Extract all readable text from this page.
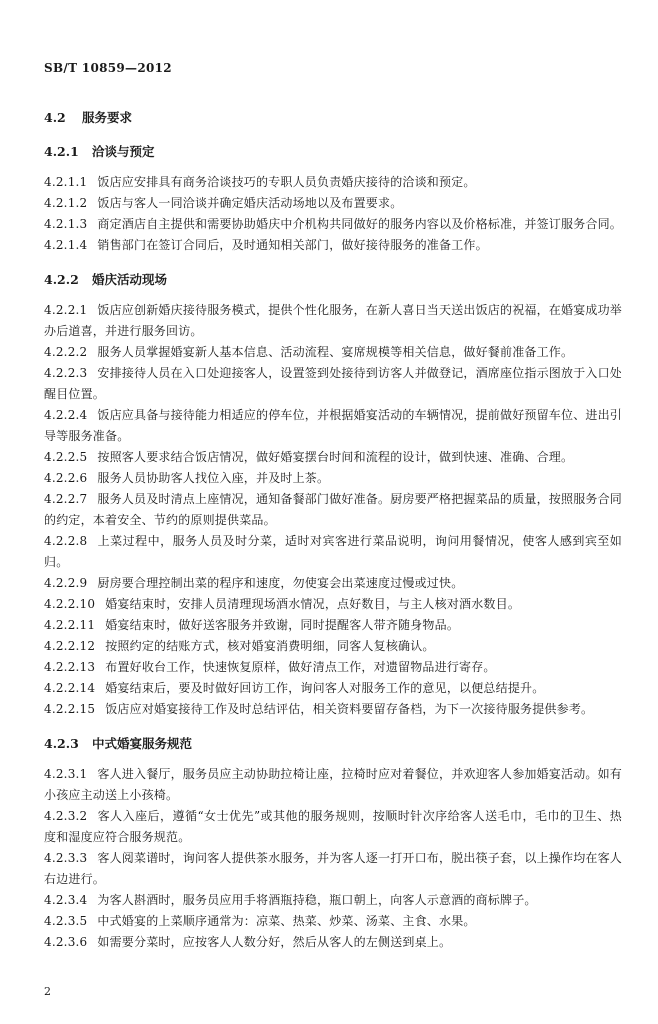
SB/T 10859—2012
4.2 服务要求
4.2.1 洽谈与预定
4.2.1.1 饭店应安排具有商务洽谈技巧的专职人员负责婚庆接待的洽谈和预定。
4.2.1.2 饭店与客人一同洽谈并确定婚庆活动场地以及布置要求。
4.2.1.3 商定酒店自主提供和需要协助婚庆中介机构共同做好的服务内容以及价格标准，并签订服务合同。
4.2.1.4 销售部门在签订合同后，及时通知相关部门，做好接待服务的准备工作。
4.2.2 婚庆活动现场
4.2.2.1 饭店应创新婚庆接待服务模式，提供个性化服务，在新人喜日当天送出饭店的祝福，在婚宴成功举办后道喜，并进行服务回访。
4.2.2.2 服务人员掌握婚宴新人基本信息、活动流程、宴席规模等相关信息，做好餐前准备工作。
4.2.2.3 安排接待人员在入口处迎接客人，设置签到处接待到访客人并做登记，酒席座位指示图放于入口处醒目位置。
4.2.2.4 饭店应具备与接待能力相适应的停车位，并根据婚宴活动的车辆情况，提前做好预留车位、进出引导等服务准备。
4.2.2.5 按照客人要求结合饭店情况，做好婚宴摆台时间和流程的设计，做到快速、准确、合理。
4.2.2.6 服务人员协助客人找位入座，并及时上茶。
4.2.2.7 服务人员及时清点上座情况，通知备餐部门做好准备。厨房要严格把握菜品的质量，按照服务合同的约定，本着安全、节约的原则提供菜品。
4.2.2.8 上菜过程中，服务人员及时分菜，适时对宾客进行菜品说明，询问用餐情况，使客人感到宾至如归。
4.2.2.9 厨房要合理控制出菜的程序和速度，勿使宴会出菜速度过慢或过快。
4.2.2.10 婚宴结束时，安排人员清理现场酒水情况，点好数目，与主人核对酒水数目。
4.2.2.11 婚宴结束时，做好送客服务并致谢，同时提醒客人带齐随身物品。
4.2.2.12 按照约定的结账方式，核对婚宴消费明细，同客人复核确认。
4.2.2.13 布置好收台工作，快速恢复原样，做好清点工作，对遗留物品进行寄存。
4.2.2.14 婚宴结束后，要及时做好回访工作，询问客人对服务工作的意见，以便总结提升。
4.2.2.15 饭店应对婚宴接待工作及时总结评估，相关资料要留存备档，为下一次接待服务提供参考。
4.2.3 中式婚宴服务规范
4.2.3.1 客人进入餐厅，服务员应主动协助拉椅让座，拉椅时应对着餐位，并欢迎客人参加婚宴活动。如有小孩应主动送上小孩椅。
4.2.3.2 客人入座后，遵循“女士优先”或其他的服务规则，按顺时针次序给客人送毛巾，毛巾的卫生、热度和湿度应符合服务规范。
4.2.3.3 客人阅菜谱时，询问客人提供茶水服务，并为客人逐一打开口布，脱出筷子套，以上操作均在客人右边进行。
4.2.3.4 为客人斟酒时，服务员应用手将酒瓶持稳，瓶口朝上，向客人示意酒的商标牌子。
4.2.3.5 中式婚宴的上菜顺序通常为：凉菜、热菜、炒菜、汤菜、主食、水果。
4.2.3.6 如需要分菜时，应按客人人数分好，然后从客人的左侧送到桌上。
2
